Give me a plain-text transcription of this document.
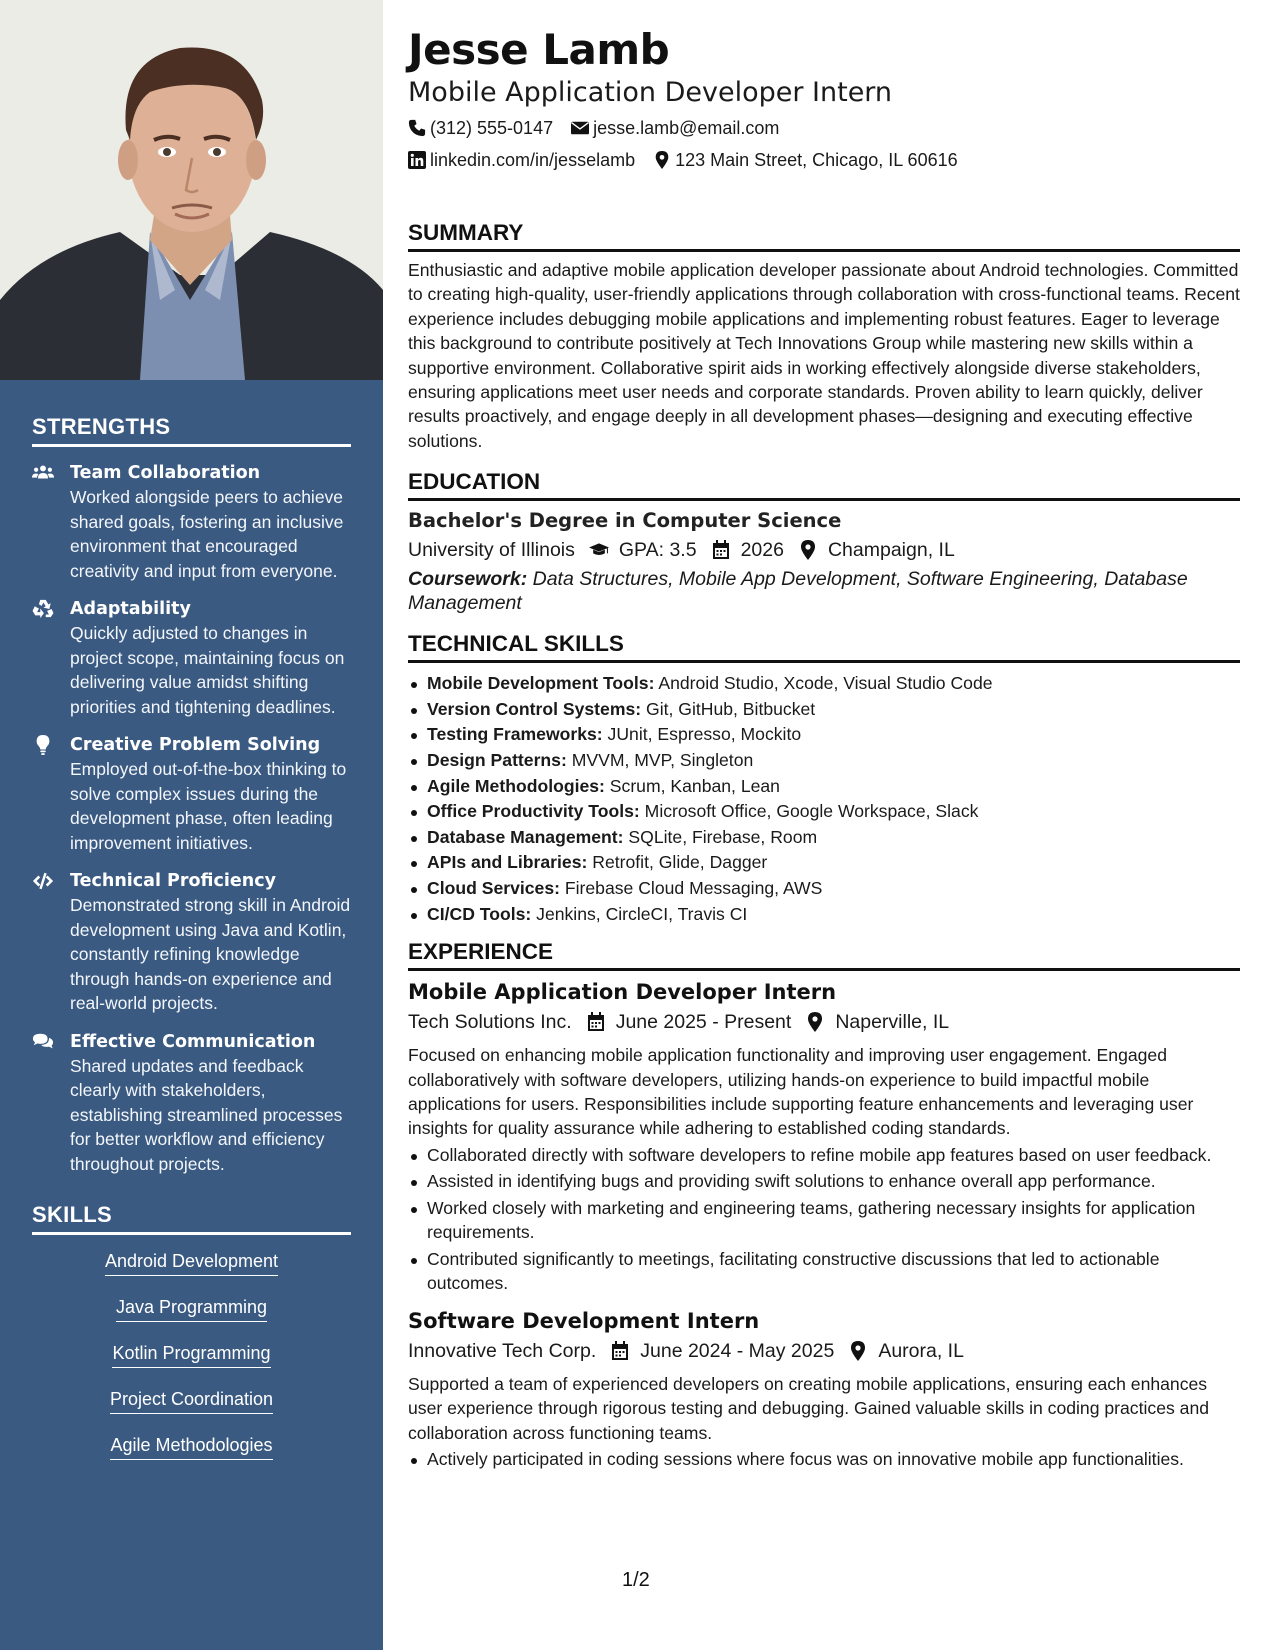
STRENGTHS
Team Collaboration
Worked alongside peers to achieve shared goals, fostering an inclusive environment that encouraged creativity and input from everyone.
Adaptability
Quickly adjusted to changes in project scope, maintaining focus on delivering value amidst shifting priorities and tightening deadlines.
Creative Problem Solving
Employed out-of-the-box thinking to solve complex issues during the development phase, often leading improvement initiatives.
Technical Proficiency
Demonstrated strong skill in Android development using Java and Kotlin, constantly refining knowledge through hands-on experience and real-world projects.
Effective Communication
Shared updates and feedback clearly with stakeholders, establishing streamlined processes for better workflow and efficiency throughout projects.
SKILLS
Android Development
Java Programming
Kotlin Programming
Project Coordination
Agile Methodologies
Jesse Lamb
Mobile Application Developer Intern
(312) 555-0147 jesse.lamb@email.com
linkedin.com/in/jesselamb 123 Main Street, Chicago, IL 60616
SUMMARY
Enthusiastic and adaptive mobile application developer passionate about Android technologies. Committed to creating high-quality, user-friendly applications through collaboration with cross-functional teams. Recent experience includes debugging mobile applications and implementing robust features. Eager to leverage this background to contribute positively at Tech Innovations Group while mastering new skills within a supportive environment. Collaborative spirit aids in working effectively alongside diverse stakeholders, ensuring applications meet user needs and corporate standards. Proven ability to learn quickly, deliver results proactively, and engage deeply in all development phases—designing and executing effective solutions.
EDUCATION
Bachelor's Degree in Computer Science
University of Illinois GPA: 3.5 2026 Champaign, IL
Coursework: Data Structures, Mobile App Development, Software Engineering, Database Management
TECHNICAL SKILLS
Mobile Development Tools: Android Studio, Xcode, Visual Studio Code
Version Control Systems: Git, GitHub, Bitbucket
Testing Frameworks: JUnit, Espresso, Mockito
Design Patterns: MVVM, MVP, Singleton
Agile Methodologies: Scrum, Kanban, Lean
Office Productivity Tools: Microsoft Office, Google Workspace, Slack
Database Management: SQLite, Firebase, Room
APIs and Libraries: Retrofit, Glide, Dagger
Cloud Services: Firebase Cloud Messaging, AWS
CI/CD Tools: Jenkins, CircleCI, Travis CI
EXPERIENCE
Mobile Application Developer Intern
Tech Solutions Inc. June 2025 - Present Naperville, IL
Focused on enhancing mobile application functionality and improving user engagement. Engaged collaboratively with software developers, utilizing hands-on experience to build impactful mobile applications for users. Responsibilities include supporting feature enhancements and leveraging user insights for quality assurance while adhering to established coding standards.
Collaborated directly with software developers to refine mobile app features based on user feedback.
Assisted in identifying bugs and providing swift solutions to enhance overall app performance.
Worked closely with marketing and engineering teams, gathering necessary insights for application requirements.
Contributed significantly to meetings, facilitating constructive discussions that led to actionable outcomes.
Software Development Intern
Innovative Tech Corp. June 2024 - May 2025 Aurora, IL
Supported a team of experienced developers on creating mobile applications, ensuring each enhances user experience through rigorous testing and debugging. Gained valuable skills in coding practices and collaboration across functioning teams.
Actively participated in coding sessions where focus was on innovative mobile app functionalities.
1/2
